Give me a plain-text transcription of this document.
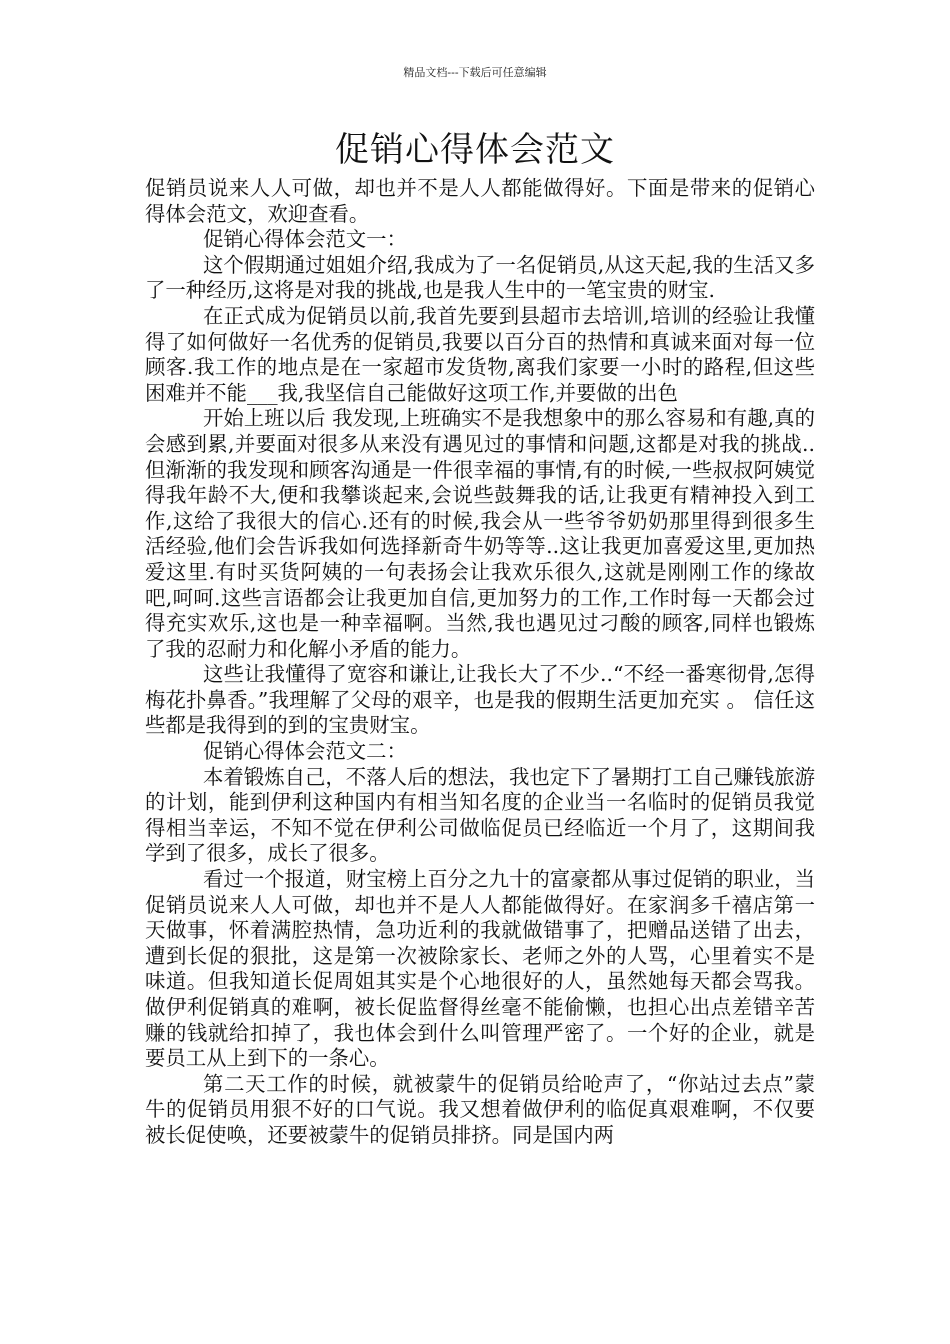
精品文档---下载后可任意编辑
促销心得体会范文

促销员说来人人可做，却也并不是人人都能做得好。下面是带来的促销心得体会范文，欢迎查看。

促销心得体会范文一：

这个假期通过姐姐介绍,我成为了一名促销员,从这天起,我的生活又多了一种经历,这将是对我的挑战,也是我人生中的一笔宝贵的财宝.

在正式成为促销员以前,我首先要到县超市去培训,培训的经验让我懂得了如何做好一名优秀的促销员,我要以百分百的热情和真诚来面对每一位顾客.我工作的地点是在一家超市发货物,离我们家要一小时的路程,但这些困难并不能___我,我坚信自己能做好这项工作,并要做的出色

开始上班以后 我发现,上班确实不是我想象中的那么容易和有趣,真的会感到累,并要面对很多从来没有遇见过的事情和问题,这都是对我的挑战..但渐渐的我发现和顾客沟通是一件很幸福的事情,有的时候,一些叔叔阿姨觉得我年龄不大,便和我攀谈起来,会说些鼓舞我的话,让我更有精神投入到工作,这给了我很大的信心.还有的时候,我会从一些爷爷奶奶那里得到很多生活经验,他们会告诉我如何选择新奇牛奶等等..这让我更加喜爱这里,更加热爱这里.有时买货阿姨的一句表扬会让我欢乐很久,这就是刚刚工作的缘故吧,呵呵.这些言语都会让我更加自信,更加努力的工作,工作时每一天都会过得充实欢乐,这也是一种幸福啊。当然,我也遇见过刁酸的顾客,同样也锻炼了我的忍耐力和化解小矛盾的能力。

这些让我懂得了宽容和谦让,让我长大了不少..“不经一番寒彻骨,怎得梅花扑鼻香。”我理解了父母的艰辛，也是我的假期生活更加充实 。 信任这些都是我得到的到的宝贵财宝。

促销心得体会范文二：

本着锻炼自己，不落人后的想法，我也定下了暑期打工自己赚钱旅游的计划，能到伊利这种国内有相当知名度的企业当一名临时的促销员我觉得相当幸运，不知不觉在伊利公司做临促员已经临近一个月了，这期间我学到了很多，成长了很多。

看过一个报道，财宝榜上百分之九十的富豪都从事过促销的职业，当促销员说来人人可做，却也并不是人人都能做得好。在家润多千禧店第一天做事，怀着满腔热情，急功近利的我就做错事了，把赠品送错了出去，遭到长促的狠批，这是第一次被除家长、老师之外的人骂，心里着实不是味道。但我知道长促周姐其实是个心地很好的人，虽然她每天都会骂我。做伊利促销真的难啊，被长促监督得丝毫不能偷懒，也担心出点差错辛苦赚的钱就给扣掉了，我也体会到什么叫管理严密了。一个好的企业，就是要员工从上到下的一条心。

第二天工作的时候，就被蒙牛的促销员给呛声了，“你站过去点”蒙牛的促销员用狠不好的口气说。我又想着做伊利的临促真艰难啊，不仅要被长促使唤，还要被蒙牛的促销员排挤。同是国内两
